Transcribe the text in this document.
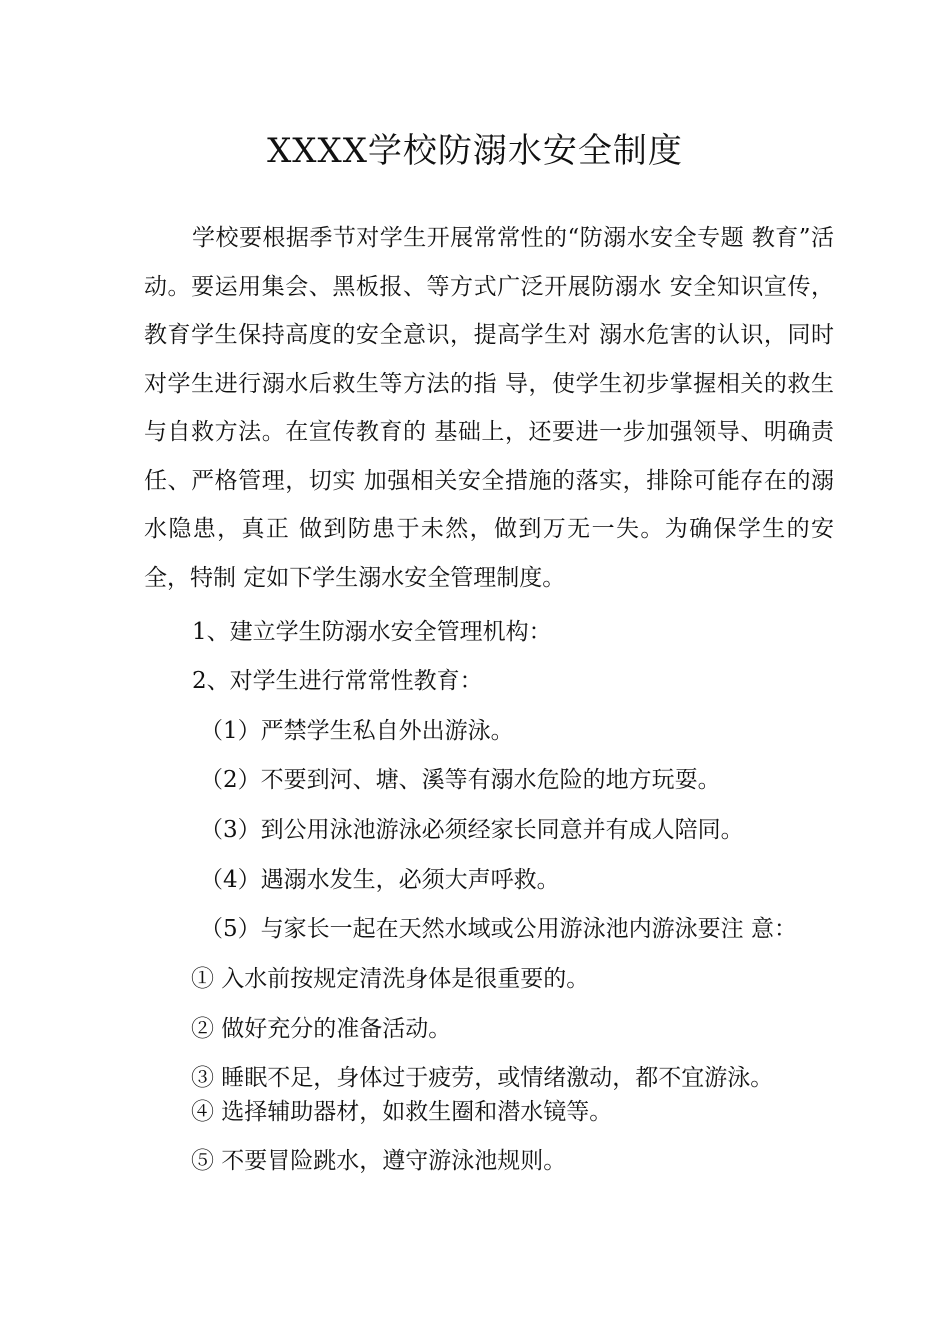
XXXX学校防溺水安全制度

学校要根据季节对学生开展常常性的“防溺水安全专题 教育”活动。要运用集会、黑板报、等方式广泛开展防溺水 安全知识宣传，教育学生保持高度的安全意识，提高学生对 溺水危害的认识，同时对学生进行溺水后救生等方法的指 导，使学生初步掌握相关的救生与自救方法。在宣传教育的 基础上，还要进一步加强领导、明确责任、严格管理，切实 加强相关安全措施的落实，排除可能存在的溺水隐患，真正 做到防患于未然，做到万无一失。为确保学生的安全，特制 定如下学生溺水安全管理制度。

1、建立学生防溺水安全管理机构：
2、对学生进行常常性教育：
（1）严禁学生私自外出游泳。
（2）不要到河、塘、溪等有溺水危险的地方玩耍。
（3）到公用泳池游泳必须经家长同意并有成人陪同。
（4）遇溺水发生，必须大声呼救。
（5）与家长一起在天然水域或公用游泳池内游泳要注 意：
① 入水前按规定清洗身体是很重要的。
② 做好充分的准备活动。
③ 睡眠不足，身体过于疲劳，或情绪激动，都不宜游泳。
④ 选择辅助器材，如救生圈和潜水镜等。
⑤ 不要冒险跳水，遵守游泳池规则。
